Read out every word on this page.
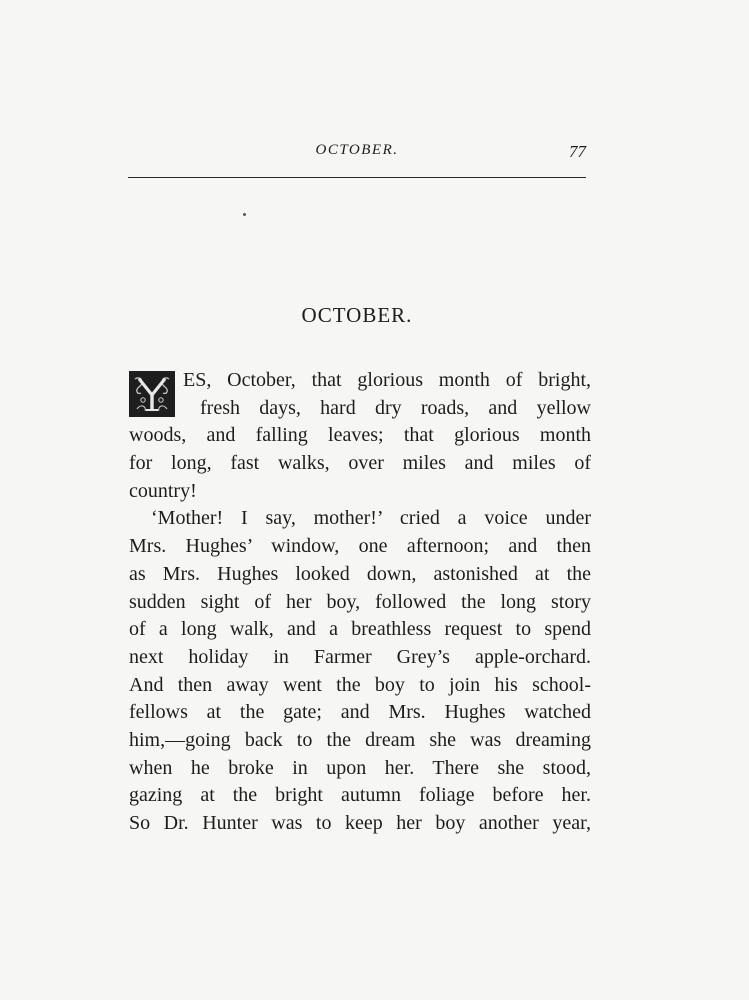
OCTOBER.	77
OCTOBER.
ES, October, that glorious month of bright,
fresh days, hard dry roads, and yellow
woods, and falling leaves; that glorious month
for long, fast walks, over miles and miles of
country!
‘Mother! I say, mother!’ cried a voice under
Mrs. Hughes’ window, one afternoon; and then
as Mrs. Hughes looked down, astonished at the
sudden sight of her boy, followed the long story
of a long walk, and a breathless request to spend
next holiday in Farmer Grey’s apple-orchard.
And then away went the boy to join his school-
fellows at the gate; and Mrs. Hughes watched
him,—going back to the dream she was dreaming
when he broke in upon her. There she stood,
gazing at the bright autumn foliage before her.
So Dr. Hunter was to keep her boy another year,
